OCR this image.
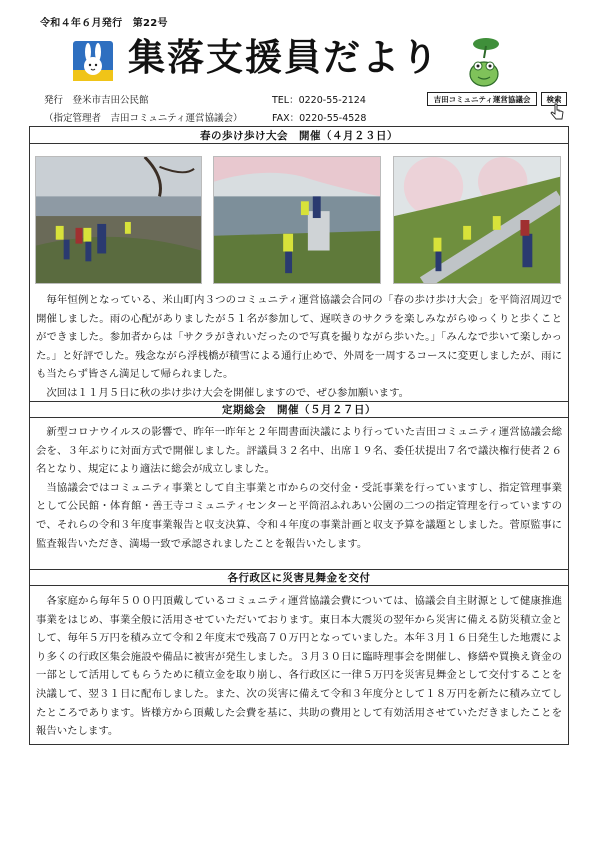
令和４年６月発行　第22号
集落支援員だより
発行　登米市吉田公民館	TEL：0220-55-2124
（指定管理者　吉田コミュニティ運営協議会）	FAX：0220-55-4528
吉田コミュニティ運営協議会	検索
春の歩け歩け大会　開催（４月２３日）

毎年恒例となっている、米山町内３つのコミュニティ運営協議会合同の「春の歩け歩け大会」を平筒沼周辺で開催しました。雨の心配がありましたが５１名が参加して、遅咲きのサクラを楽しみながらゆっくりと歩くことができました。参加者からは「サクラがきれいだったので写真を撮りながら歩いた。」「みんなで歩いて楽しかった。」と好評でした。残念ながら浮桟橋が積雪による通行止めで、外周を一周するコースに変更しましたが、雨にも当たらず皆さん満足して帰られました。

次回は１１月５日に秋の歩け歩け大会を開催しますので、ぜひ参加願います。

定期総会　開催（５月２７日）

新型コロナウイルスの影響で、昨年一昨年と２年間書面決議により行っていた吉田コミュニティ運営協議会総会を、３年ぶりに対面方式で開催しました。評議員３２名中、出席１９名、委任状提出７名で議決権行使者２６名となり、規定により適法に総会が成立しました。

当協議会ではコミュニティ事業として自主事業と市からの交付金・受託事業を行っていますし、指定管理事業として公民館・体育館・善王寺コミュニティセンターと平筒沼ふれあい公園の二つの指定管理を行っていますので、それらの令和３年度事業報告と収支決算、令和４年度の事業計画と収支予算を議題としました。菅原監事に監査報告いただき、満場一致で承認されましたことを報告いたします。

各行政区に災害見舞金を交付

各家庭から毎年５００円頂戴しているコミュニティ運営協議会費については、協議会自主財源として健康推進事業をはじめ、事業全般に活用させていただいております。東日本大震災の翌年から災害に備える防災積立金として、毎年５万円を積み立て令和２年度末で残高７０万円となっていました。本年３月１６日発生した地震により多くの行政区集会施設や備品に被害が発生しました。３月３０日に臨時理事会を開催し、修繕や買換え資金の一部として活用してもらうために積立金を取り崩し、各行政区に一律５万円を災害見舞金として交付することを決議して、翌３１日に配布しました。また、次の災害に備えて令和３年度分として１８万円を新たに積み立てしたところであります。皆様方から頂戴した会費を基に、共助の費用として有効活用させていただきましたことを報告いたします。
